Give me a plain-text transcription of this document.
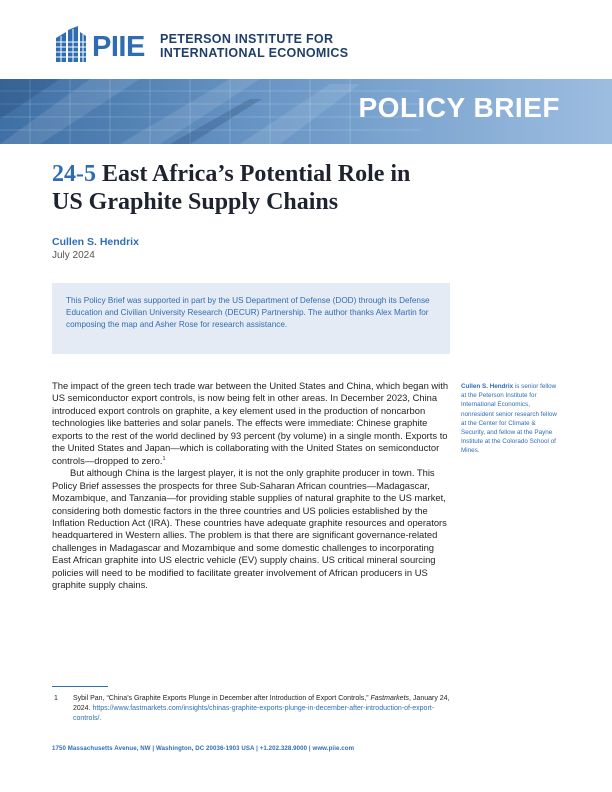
PIIE PETERSON INSTITUTE FOR
INTERNATIONAL ECONOMICS
POLICY BRIEF
24-5 East Africa’s Potential Role in
US Graphite Supply Chains
Cullen S. Hendrix
July 2024

This Policy Brief was supported in part by the US Department of Defense (DOD) through its Defense Education and Civilian University Research (DECUR) Partnership. The author thanks Alex Martin for composing the map and Asher Rose for research assistance.

The impact of the green tech trade war between the United States and China, which began with US semiconductor export controls, is now being felt in other areas. In December 2023, China introduced export controls on graphite, a key element used in the production of noncarbon technologies like batteries and solar panels. The effects were immediate: Chinese graphite exports to the rest of the world declined by 93 percent (by volume) in a single month. Exports to the United States and Japan—which is collaborating with the United States on semiconductor controls—dropped to zero.$^1$

But although China is the largest player, it is not the only graphite producer in town. This Policy Brief assesses the prospects for three Sub-Saharan African countries—Madagascar, Mozambique, and Tanzania—for providing stable supplies of natural graphite to the US market, considering both domestic factors in the three countries and US policies established by the Inflation Reduction Act (IRA). These countries have adequate graphite resources and operators headquartered in Western allies. The problem is that there are significant governance-related challenges in Madagascar and Mozambique and some domestic challenges to incorporating East African graphite into US electric vehicle (EV) supply chains. US critical mineral sourcing policies will need to be modified to facilitate greater involvement of African producers in US graphite supply chains.

Cullen S. Hendrix is senior fellow at the Peterson Institute for International Economics, nonresident senior research fellow at the Center for Climate & Security, and fellow at the Payne Institute at the Colorado School of Mines.
1 Sybil Pan, “China’s Graphite Exports Plunge in December after Introduction of Export Controls,” Fastmarkets, January 24, 2024. https://www.fastmarkets.com/insights/chinas-graphite-exports-plunge-in-december-after-introduction-of-export-controls/.
1750 Massachusetts Avenue, NW | Washington, DC 20036-1903 USA | +1.202.328.9000 | www.piie.com
